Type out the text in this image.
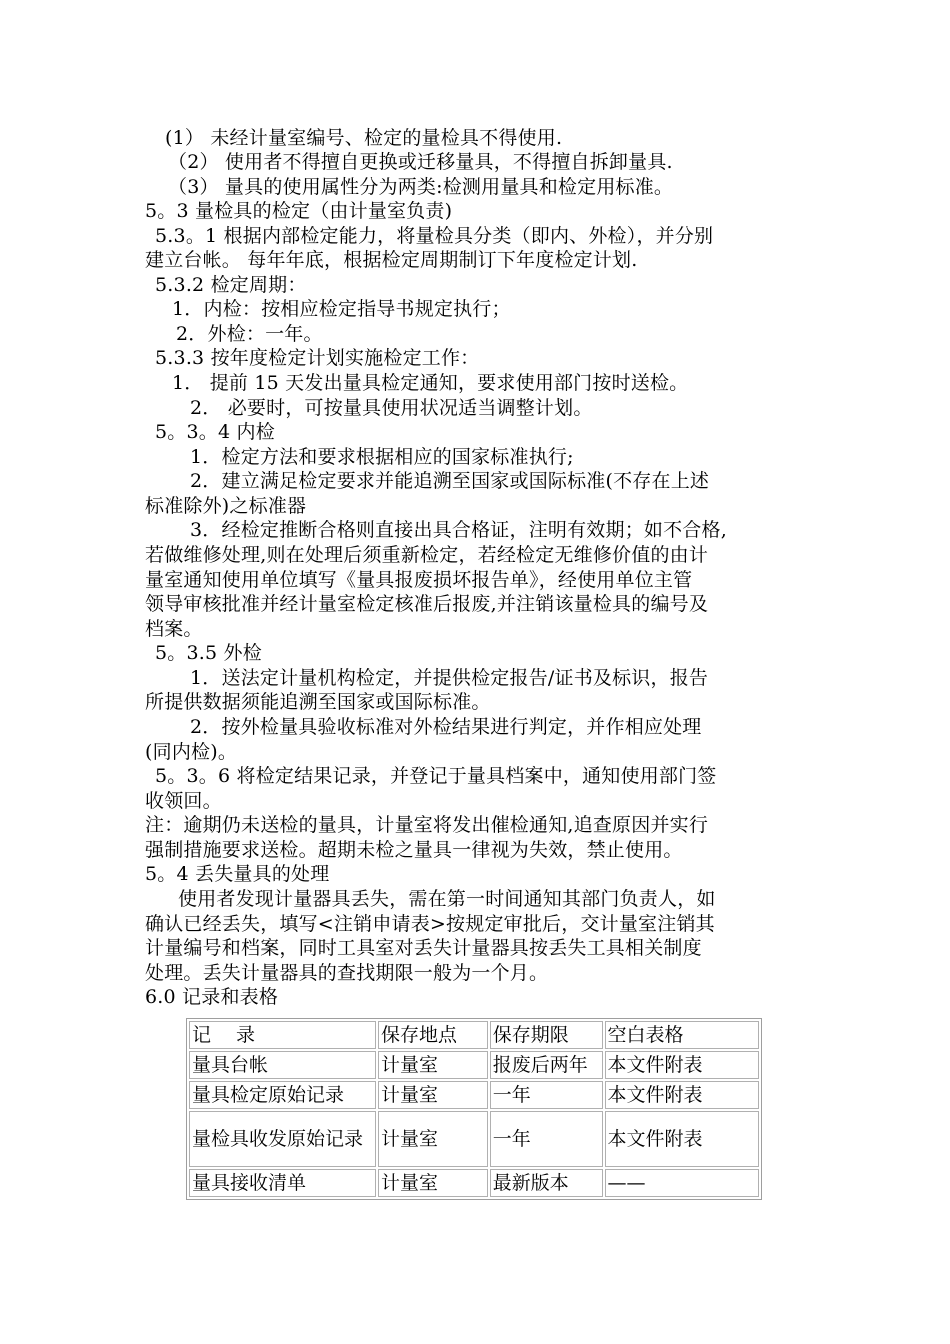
(1） 未经计量室编号、检定的量检具不得使用.
（2） 使用者不得擅自更换或迁移量具，不得擅自拆卸量具.
（3） 量具的使用属性分为两类:检测用量具和检定用标准。
5。3 量检具的检定（由计量室负责)
5.3。1 根据内部检定能力，将量检具分类（即内、外检），并分别
建立台帐。 每年年底，根据检定周期制订下年度检定计划.
5.3.2 检定周期：
1．内检：按相应检定指导书规定执行；
2．外检：一年。
5.3.3 按年度检定计划实施检定工作：
1． 提前 15 天发出量具检定通知，要求使用部门按时送检。
2． 必要时，可按量具使用状况适当调整计划。
5。3。4 内检
1．检定方法和要求根据相应的国家标准执行;
2．建立满足检定要求并能追溯至国家或国际标准(不存在上述
标准除外)之标准器
3．经检定推断合格则直接出具合格证，注明有效期；如不合格,
若做维修处理,则在处理后须重新检定，若经检定无维修价值的由计
量室通知使用单位填写《量具报废损坏报告单》，经使用单位主管
领导审核批准并经计量室检定核准后报废,并注销该量检具的编号及
档案。
5。3.5 外检
1．送法定计量机构检定，并提供检定报告/证书及标识，报告
所提供数据须能追溯至国家或国际标准。
2．按外检量具验收标准对外检结果进行判定，并作相应处理
(同内检)。
5。3。6 将检定结果记录，并登记于量具档案中，通知使用部门签
收领回。
注：逾期仍未送检的量具，计量室将发出催检通知,追查原因并实行
强制措施要求送检。超期未检之量具一律视为失效，禁止使用。
5。4 丢失量具的处理
使用者发现计量器具丢失，需在第一时间通知其部门负责人，如
确认已经丢失，填写<注销申请表>按规定审批后，交计量室注销其
计量编号和档案，同时工具室对丢失计量器具按丢失工具相关制度
处理。丢失计量器具的查找期限一般为一个月。
6.0 记录和表格
记　 录	保存地点	保存期限	空白表格
量具台帐	计量室	报废后两年	本文件附表
量具检定原始记录	计量室	一年	本文件附表
量检具收发原始记录	计量室	一年	本文件附表
量具接收清单	计量室	最新版本	——
